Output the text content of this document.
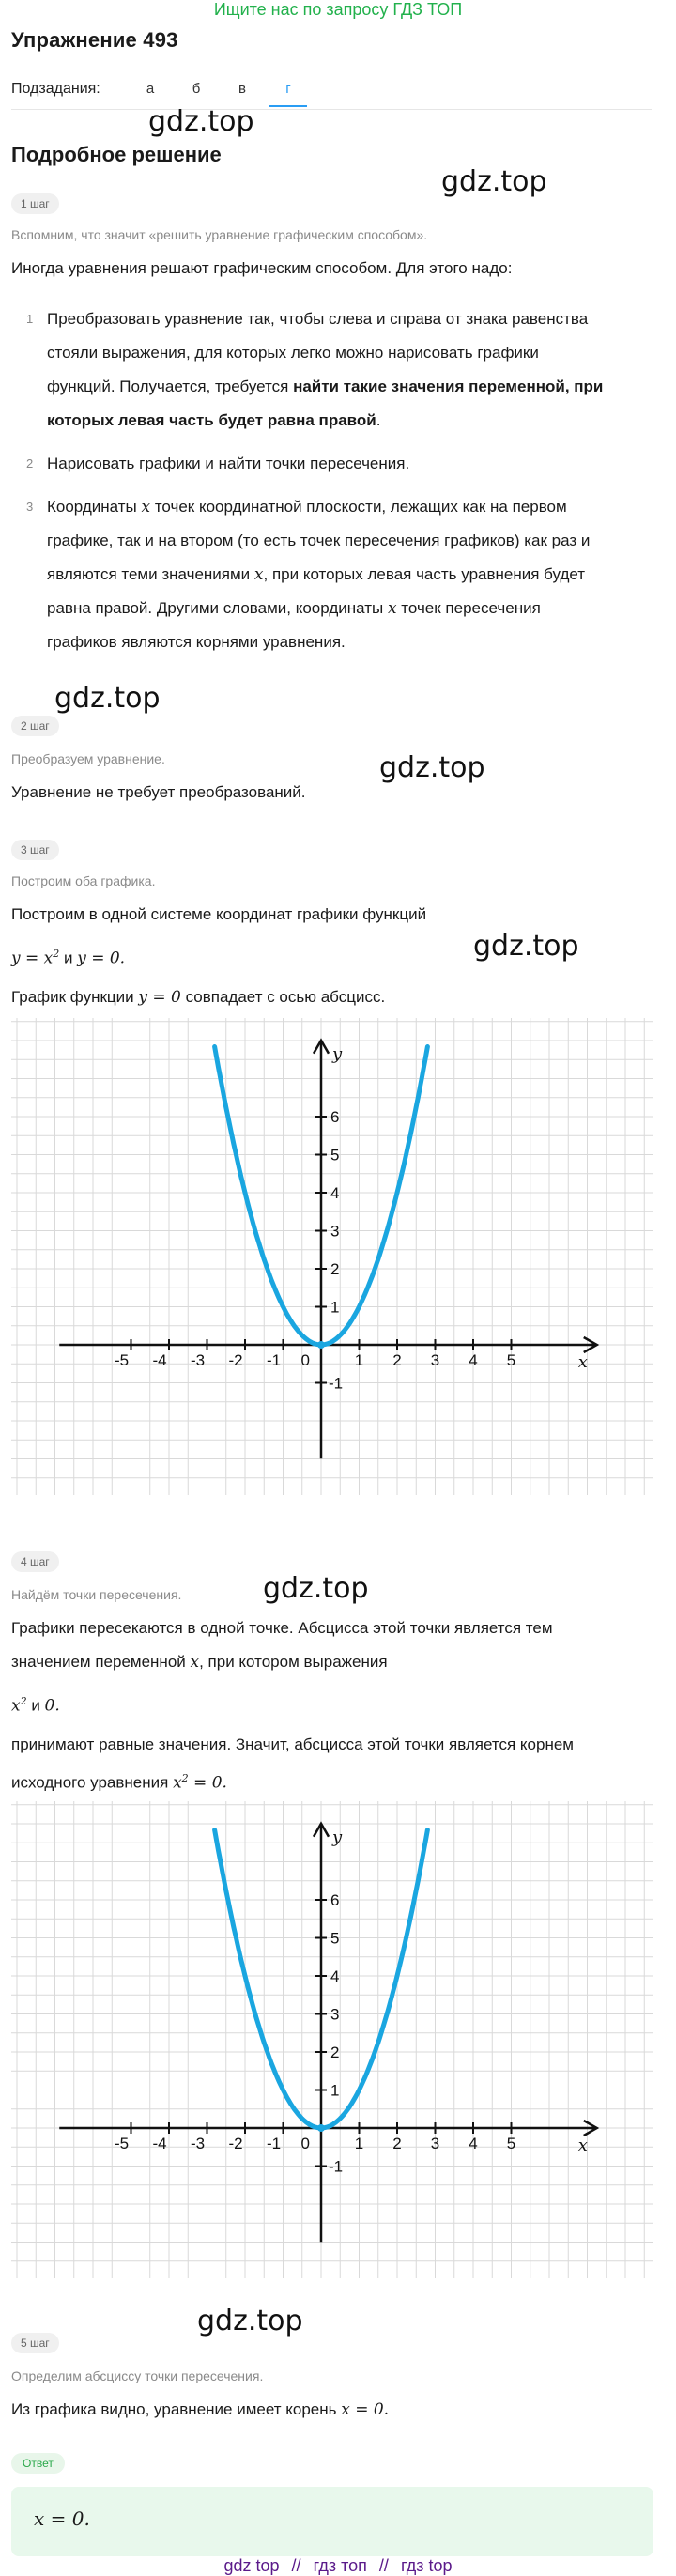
Ищите нас по запросу ГДЗ ТОП
Упражнение 493
Подзадания:	а	б	в	г
gdz.top
gdz.top
gdz.top
gdz.top
gdz.top
gdz.top
gdz.top
Подробное решение
1 шаг
Вспомним, что значит «решить уравнение графическим способом».
Иногда уравнения решают графическим способом. Для этого надо:
1 Преобразовать уравнение так, чтобы слева и справа от знака равенства
стояли выражения, для которых легко можно нарисовать графики
функций. Получается, требуется найти такие значения переменной, при
которых левая часть будет равна правой.
2 Нарисовать графики и найти точки пересечения.
3 Координаты x точек координатной плоскости, лежащих как на первом
графике, так и на втором (то есть точек пересечения графиков) как раз и
являются теми значениями x, при которых левая часть уравнения будет
равна правой. Другими словами, координаты x точек пересечения
графиков являются корнями уравнения.
2 шаг
Преобразуем уравнение.
Уравнение не требует преобразований.
3 шаг
Построим оба графика.
Построим в одной системе координат графики функций
$y = x^2$ и y = 0.
График функции y = 0 совпадает с осью абсцисс.
x
y
-5 -4 -3 -2 -1 0	1 2 3 4 5
-1
1
2
3
4
5
6
4 шаг
Найдём точки пересечения.
Графики пересекаются в одной точке. Абсцисса этой точки является тем
значением переменной x, при котором выражения
$x^2$ и 0.
принимают равные значения. Значит, абсцисса этой точки является корнем
исходного уравнения $x^2 = 0$.
x
y
-5 -4 -3 -2 -1 0	1 2 3 4 5
-1
1
2
3
4
5
6
5 шаг
Определим абсциссу точки пересечения.
Из графика видно, уравнение имеет корень x = 0.
Ответ
x = 0.
gdz top // гдз топ // гдз top
